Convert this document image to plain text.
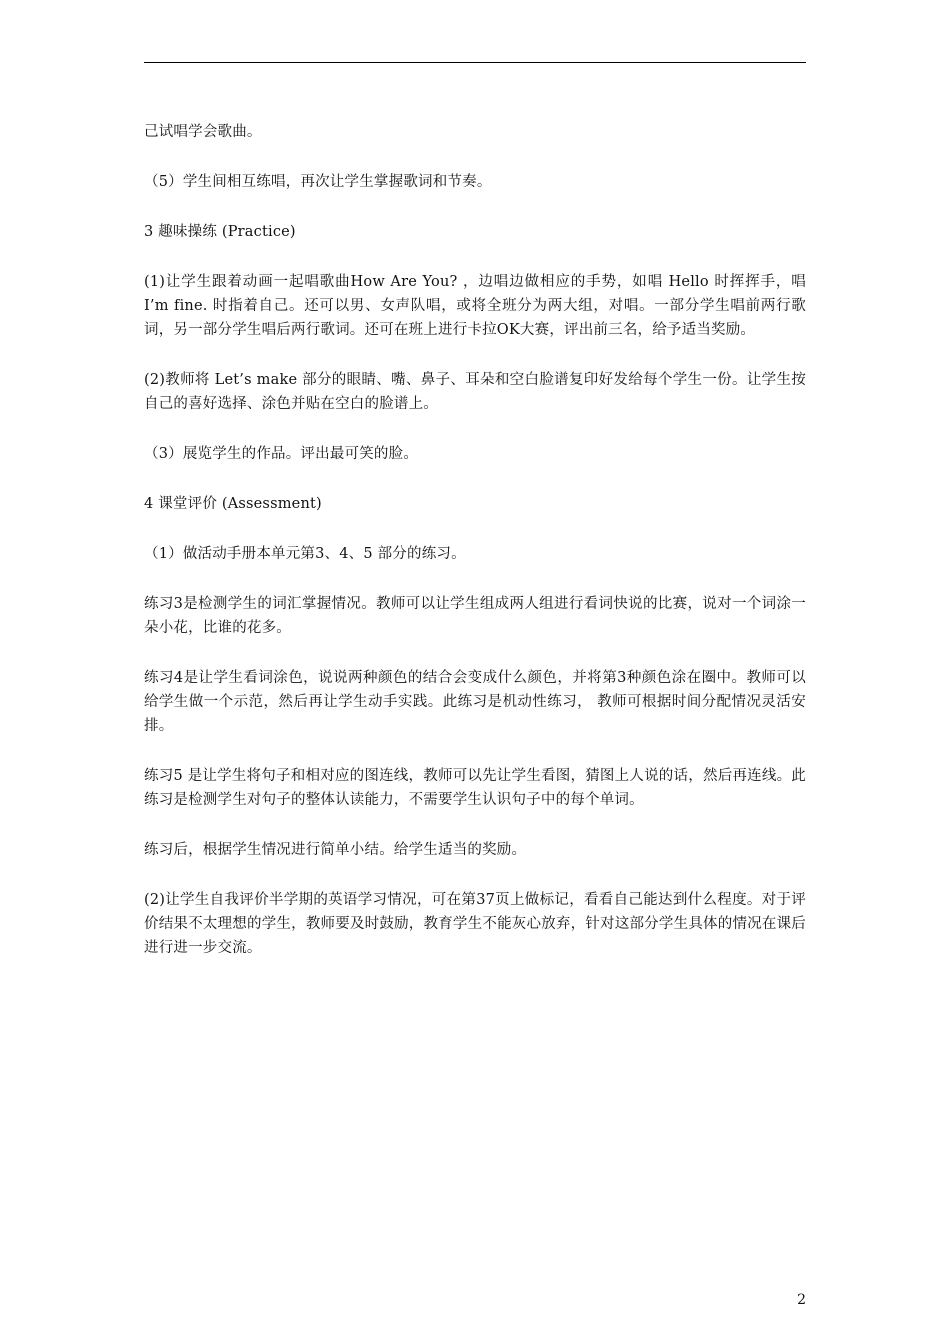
己试唱学会歌曲。

（5）学生间相互练唱，再次让学生掌握歌词和节奏。

3 趣味操练 (Practice)

(1)让学生跟着动画一起唱歌曲How Are You? ，边唱边做相应的手势，如唱 Hello 时挥挥手，唱 I’m fine. 时指着自己。还可以男、女声队唱，或将全班分为两大组，对唱。一部分学生唱前两行歌词，另一部分学生唱后两行歌词。还可在班上进行卡拉OK大赛，评出前三名，给予适当奖励。

(2)教师将 Let’s make 部分的眼睛、嘴、鼻子、耳朵和空白脸谱复印好发给每个学生一份。让学生按自己的喜好选择、涂色并贴在空白的脸谱上。

（3）展览学生的作品。评出最可笑的脸。

4 课堂评价 (Assessment)

（1）做活动手册本单元第3、4、5 部分的练习。

练习3是检测学生的词汇掌握情况。教师可以让学生组成两人组进行看词快说的比赛，说对一个词涂一朵小花，比谁的花多。

练习4是让学生看词涂色，说说两种颜色的结合会变成什么颜色，并将第3种颜色涂在圈中。教师可以给学生做一个示范，然后再让学生动手实践。此练习是机动性练习， 教师可根据时间分配情况灵活安排。

练习5 是让学生将句子和相对应的图连线，教师可以先让学生看图，猜图上人说的话，然后再连线。此练习是检测学生对句子的整体认读能力，不需要学生认识句子中的每个单词。

练习后，根据学生情况进行简单小结。给学生适当的奖励。

(2)让学生自我评价半学期的英语学习情况，可在第37页上做标记，看看自己能达到什么程度。对于评价结果不太理想的学生，教师要及时鼓励，教育学生不能灰心放弃，针对这部分学生具体的情况在课后进行进一步交流。

2
